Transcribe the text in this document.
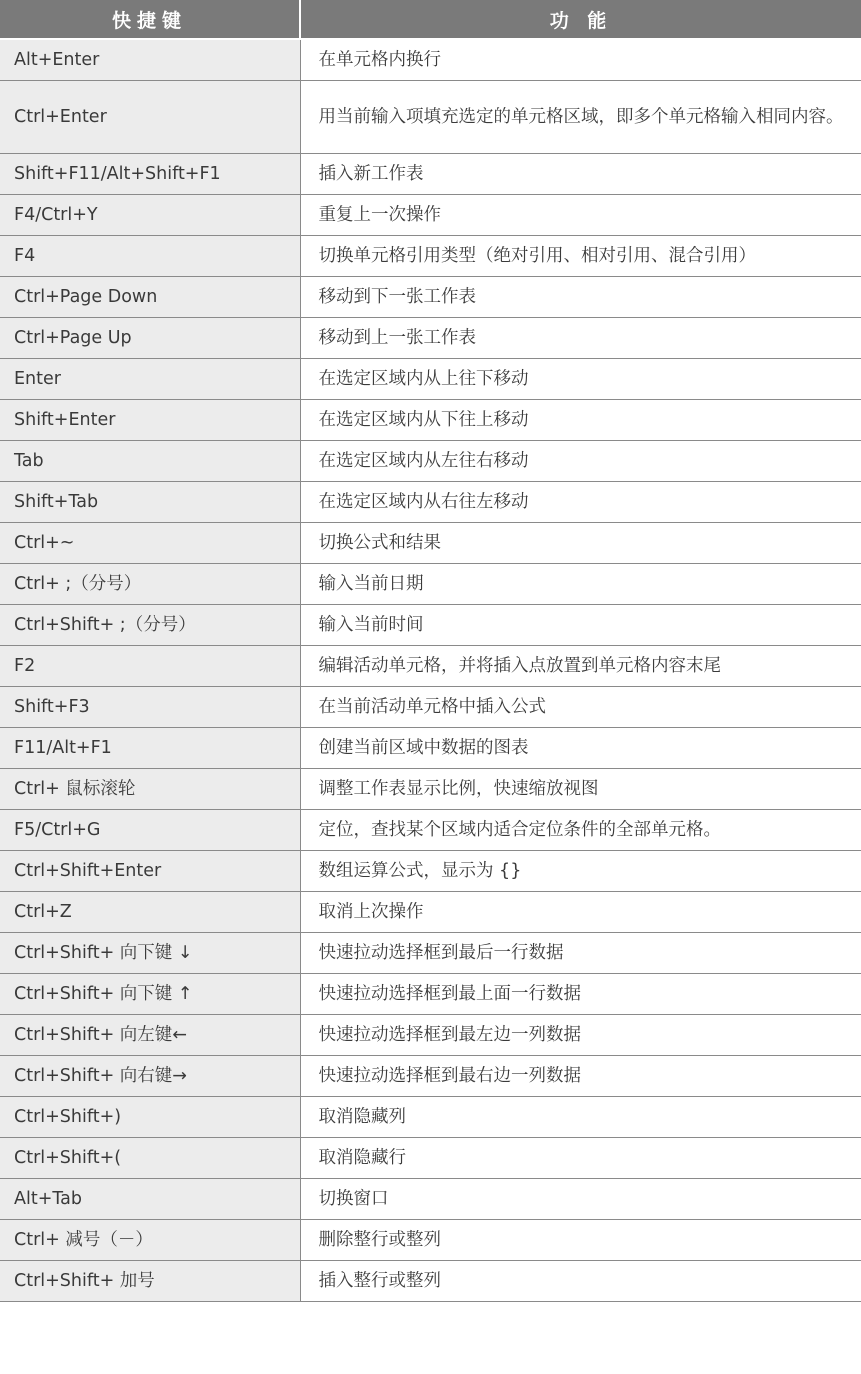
快捷键	功 能
Alt+Enter	在单元格内换行
Ctrl+Enter	用当前输入项填充选定的单元格区域，即多个单元格输入相同内容。
Shift+F11/Alt+Shift+F1	插入新工作表
F4/Ctrl+Y	重复上一次操作
F4	切换单元格引用类型（绝对引用、相对引用、混合引用）
Ctrl+Page Down	移动到下一张工作表
Ctrl+Page Up	移动到上一张工作表
Enter	在选定区域内从上往下移动
Shift+Enter	在选定区域内从下往上移动
Tab	在选定区域内从左往右移动
Shift+Tab	在选定区域内从右往左移动
Ctrl+~	切换公式和结果
Ctrl+ ;（分号）	输入当前日期
Ctrl+Shift+ ;（分号）	输入当前时间
F2	编辑活动单元格，并将插入点放置到单元格内容末尾
Shift+F3	在当前活动单元格中插入公式
F11/Alt+F1	创建当前区域中数据的图表
Ctrl+ 鼠标滚轮	调整工作表显示比例，快速缩放视图
F5/Ctrl+G	定位，查找某个区域内适合定位条件的全部单元格。
Ctrl+Shift+Enter	数组运算公式，显示为 {}
Ctrl+Z	取消上次操作
Ctrl+Shift+ 向下键 ↓	快速拉动选择框到最后一行数据
Ctrl+Shift+ 向下键 ↑	快速拉动选择框到最上面一行数据
Ctrl+Shift+ 向左键←	快速拉动选择框到最左边一列数据
Ctrl+Shift+ 向右键→	快速拉动选择框到最右边一列数据
Ctrl+Shift+)	取消隐藏列
Ctrl+Shift+(	取消隐藏行
Alt+Tab	切换窗口
Ctrl+ 减号（－）	删除整行或整列
Ctrl+Shift+ 加号	插入整行或整列
